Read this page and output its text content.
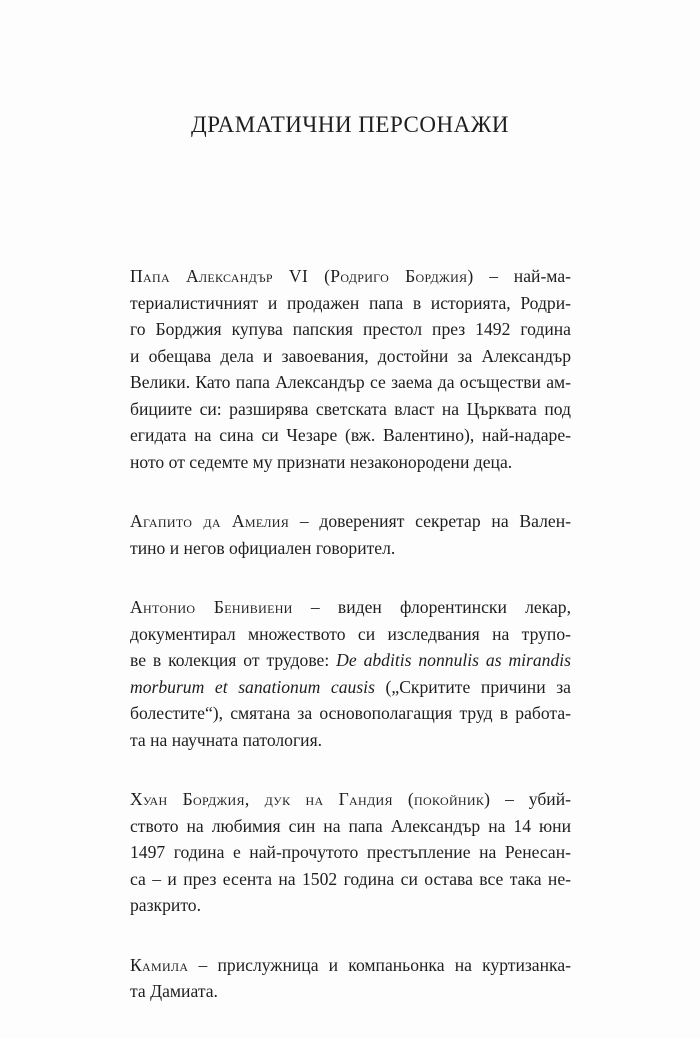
ДРАМАТИЧНИ ПЕРСОНАЖИ
Папа Александър VI (Родриго Борджия) – най-ма-
териалистичният и продажен папа в историята, Родри-
го Борджия купува папския престол през 1492 година
и обещава дела и завоевания, достойни за Александър
Велики. Като папа Александър се заема да осъществи ам-
бициите си: разширява светската власт на Църквата под
егидата на сина си Чезаре (вж. Валентино), най-надаре-
ното от седемте му признати незаконородени деца.
Агапито да Амелия – довереният секретар на Вален-
тино и негов официален говорител.
Антонио Бенивиени – виден флорентински лекар,
документирал множеството си изследвания на трупо-
ве в колекция от трудове: De abditis nonnulis as mirandis
morburum et sanationum causis („Скритите причини за
болестите“), смятана за основополагащия труд в работа-
та на научната патология.
Хуан Борджия, дук на Гандия (покойник) – убий-
ството на любимия син на папа Александър на 14 юни
1497 година е най-прочутото престъпление на Ренесан-
са – и през есента на 1502 година си остава все така не-
разкрито.
Камила – прислужница и компаньонка на куртизанка-
та Дамиата.
